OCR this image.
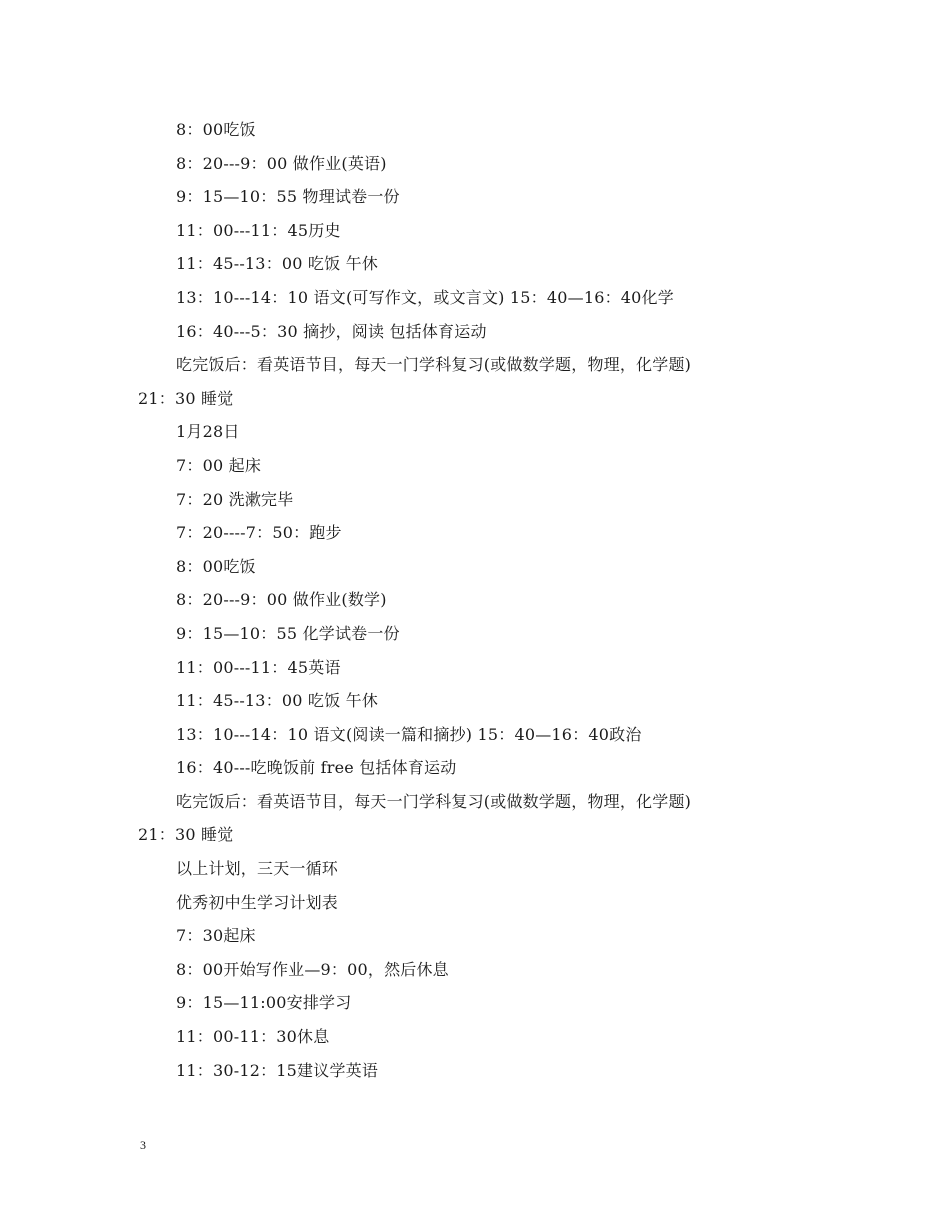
8：00吃饭
8：20---9：00 做作业(英语)
9：15—10：55 物理试卷一份
11：00---11：45历史
11：45--13：00 吃饭 午休
13：10---14：10 语文(可写作文，或文言文) 15：40—16：40化学
16：40---5：30 摘抄，阅读 包括体育运动
吃完饭后：看英语节目，每天一门学科复习(或做数学题，物理，化学题)
21：30 睡觉
1月28日
7：00 起床
7：20 洗漱完毕
7：20----7：50：跑步
8：00吃饭
8：20---9：00 做作业(数学)
9：15—10：55 化学试卷一份
11：00---11：45英语
11：45--13：00 吃饭 午休
13：10---14：10 语文(阅读一篇和摘抄) 15：40—16：40政治
16：40---吃晚饭前 free 包括体育运动
吃完饭后：看英语节目，每天一门学科复习(或做数学题，物理，化学题)
21：30 睡觉
以上计划，三天一循环
优秀初中生学习计划表
7：30起床
8：00开始写作业—9：00，然后休息
9：15—11:00安排学习
11：00-11：30休息
11：30-12：15建议学英语
3
